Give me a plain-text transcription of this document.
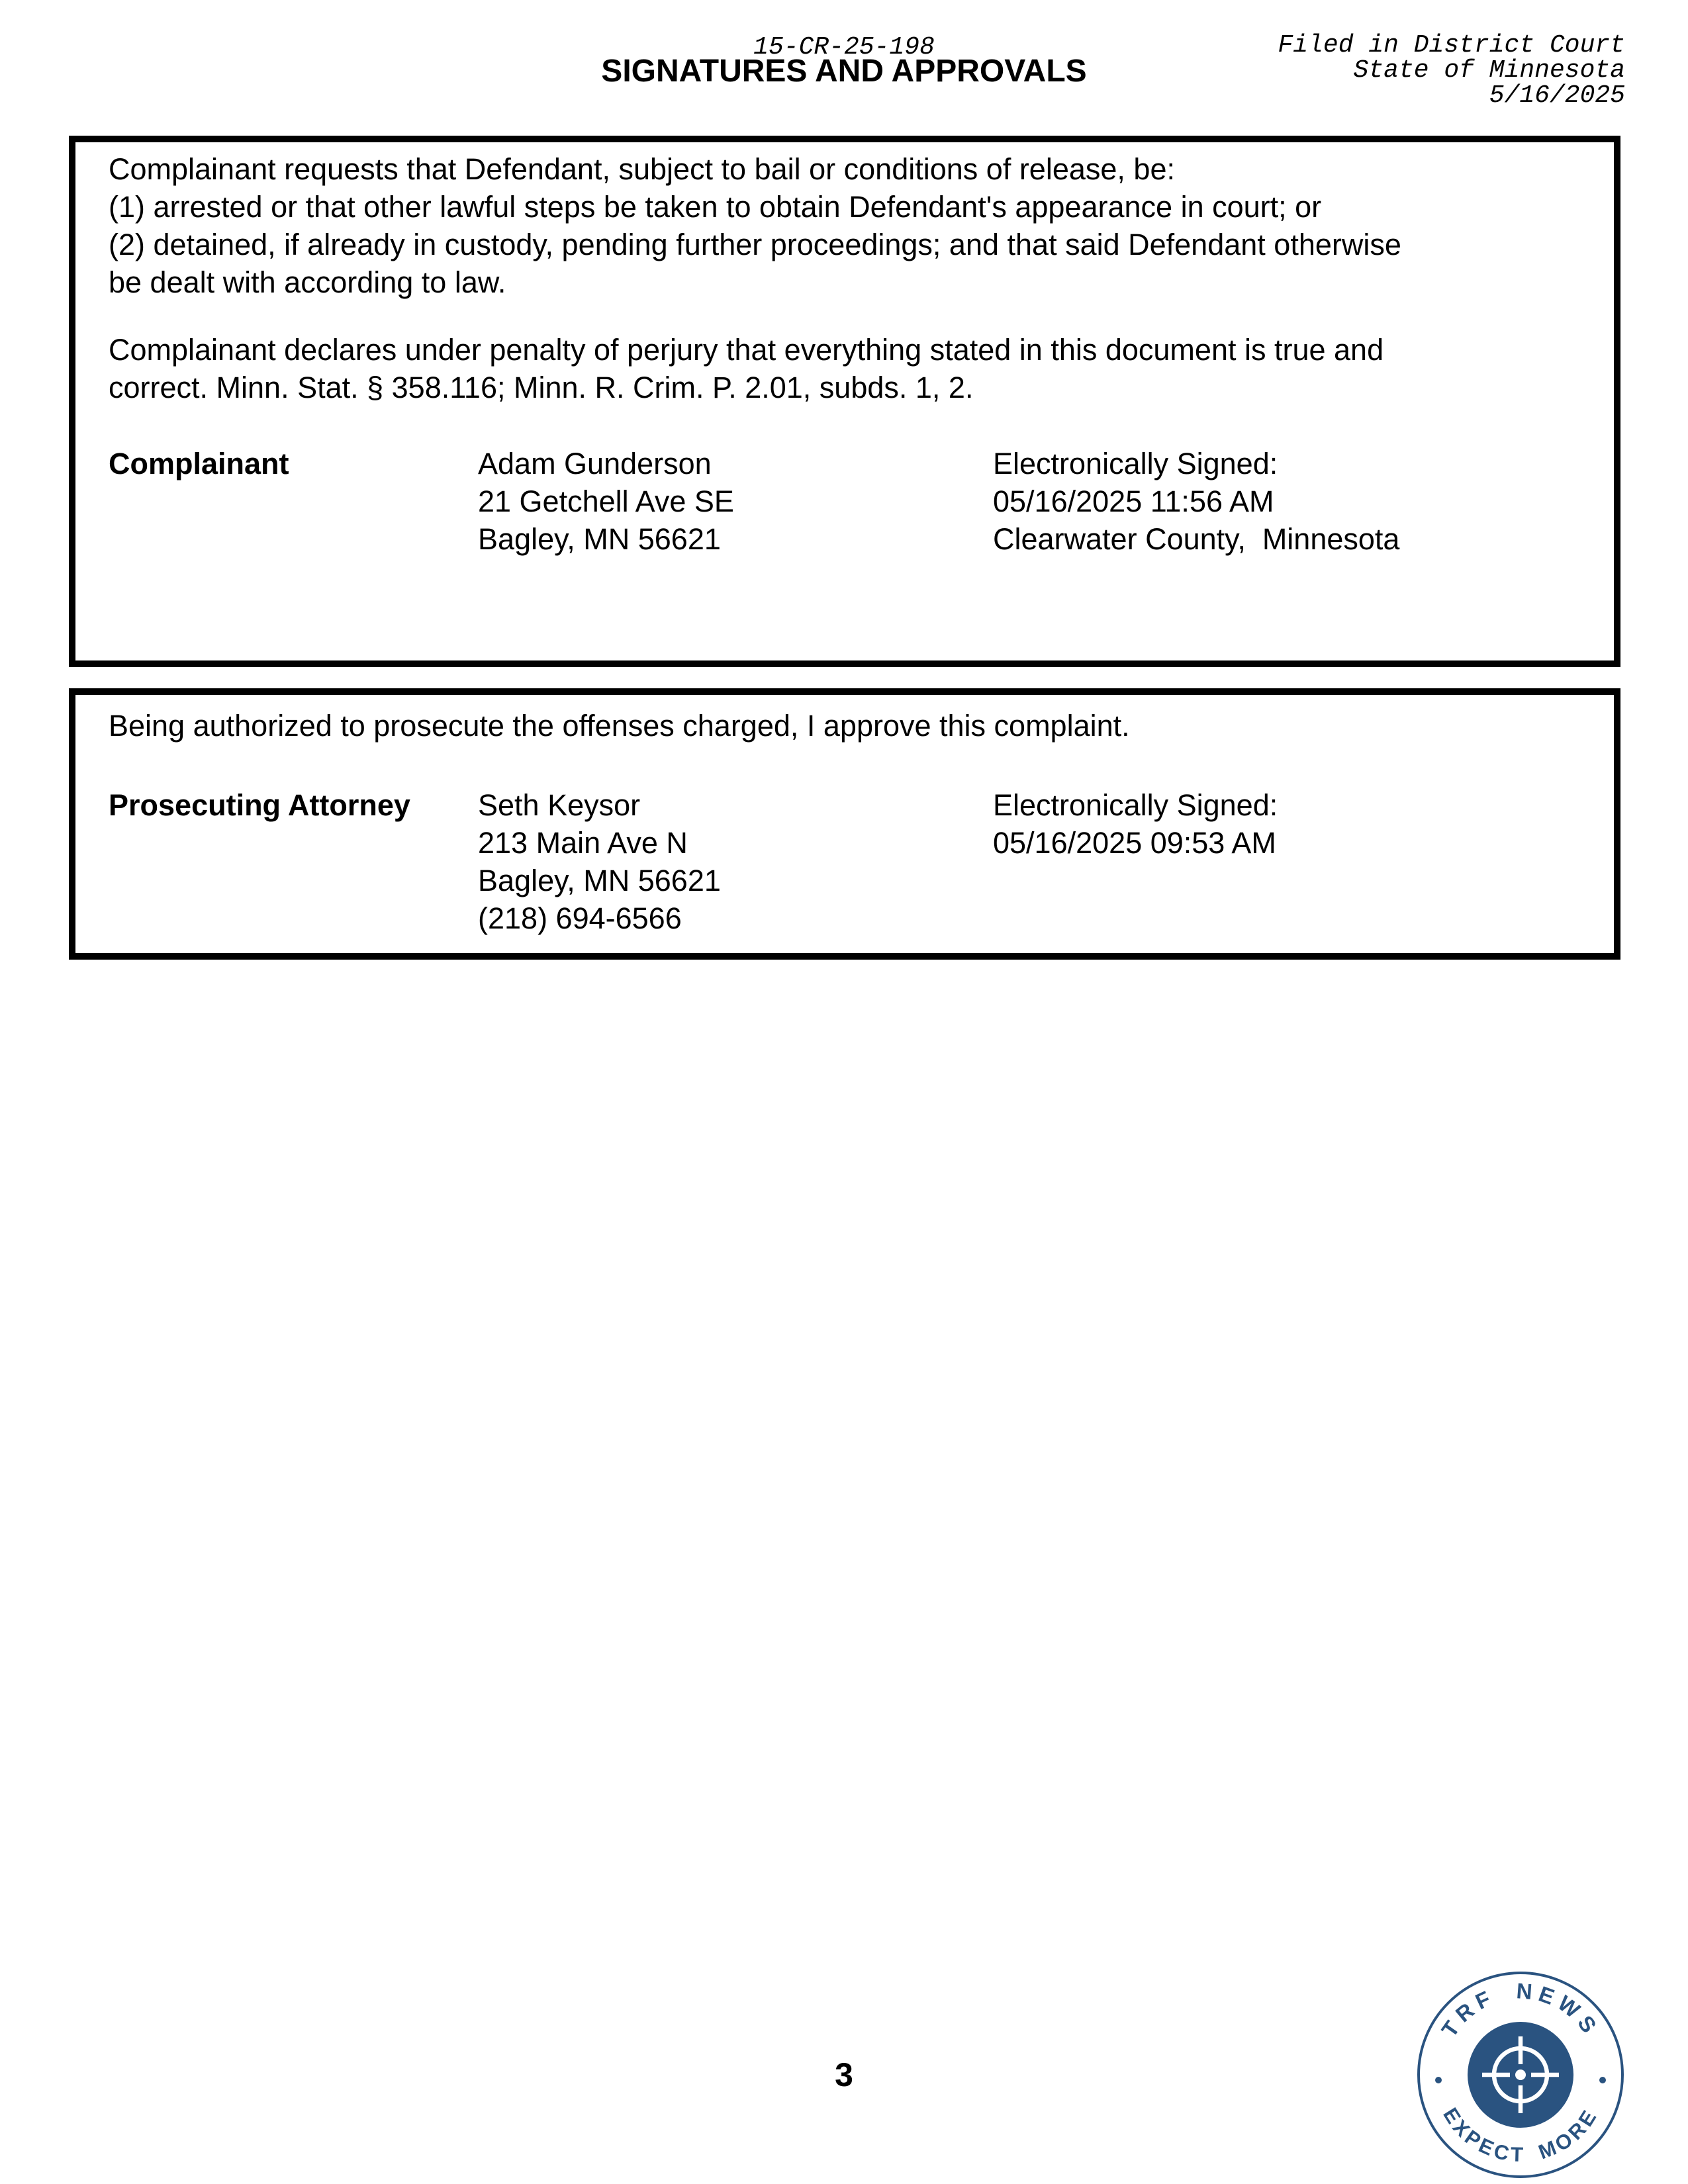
15-CR-25-198
SIGNATURES AND APPROVALS
Filed in District Court
State of Minnesota
5/16/2025

Complainant requests that Defendant, subject to bail or conditions of release, be:
(1) arrested or that other lawful steps be taken to obtain Defendant's appearance in court; or
(2) detained, if already in custody, pending further proceedings; and that said Defendant otherwise
be dealt with according to law.

Complainant declares under penalty of perjury that everything stated in this document is true and
correct. Minn. Stat. § 358.116; Minn. R. Crim. P. 2.01, subds. 1, 2.

Complainant	Adam Gunderson
21 Getchell Ave SE
Bagley, MN 56621
Electronically Signed:
05/16/2025 11:56 AM
Clearwater County,  Minnesota

Being authorized to prosecute the offenses charged, I approve this complaint.

Prosecuting Attorney	Seth Keysor
213 Main Ave N
Bagley, MN 56621
(218) 694-6566
Electronically Signed:
05/16/2025 09:53 AM
3
TRF NEWS
EXPECT MORE
